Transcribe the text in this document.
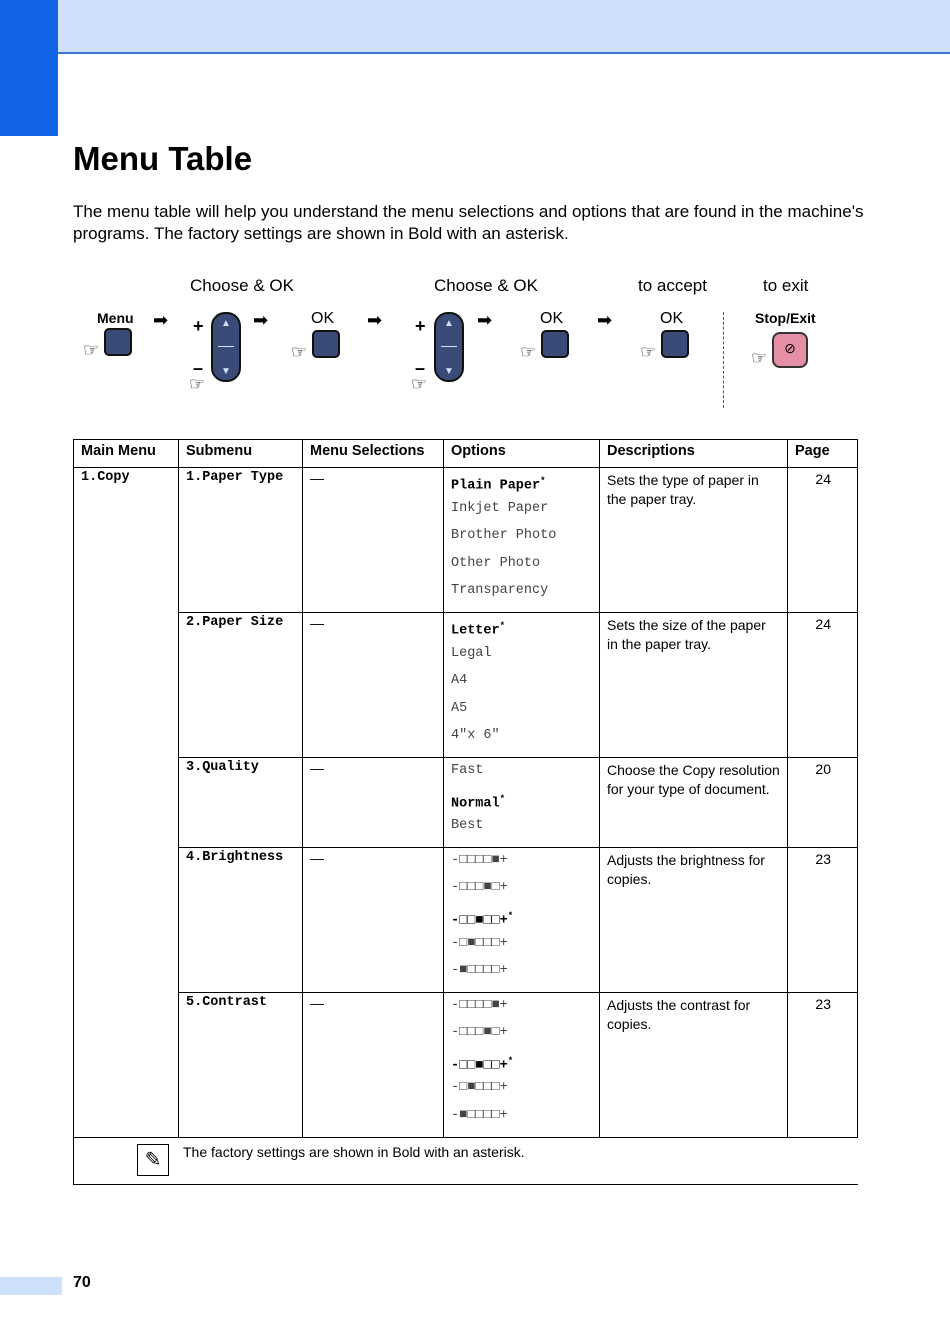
Menu Table

The menu table will help you understand the menu selections and options that are found in the machine's programs. The factory settings are shown in Bold with an asterisk.

Choose & OK	Choose & OK	to accept	to exit
Menu
☞
➡ +
–
▲
▼
☞
➡	OK
☞
➡ +
–
▲
▼
☞
➡	OK
☞
➡	OK
☞
Stop/Exit
⊘
☞
Main Menu	Submenu	Menu Selections	Options	Descriptions	Page
1.Copy	1.Paper Type	—	Plain Paper*
Inkjet Paper
Brother Photo
Other Photo
Transparency	Sets the type of paper in the paper tray.	24

	2.Paper Size	—	Letter*
Legal
A4
A5
4″x 6″	Sets the size of the paper in the paper tray.	24

	3.Quality	—	Fast
Normal*
Best	Choose the Copy resolution for your type of document.	20

	4.Brightness	—	-□□□□■+
-□□□■□+
-□□■□□+*
-□■□□□+
-■□□□□+	Adjusts the brightness for copies.	23

	5.Contrast	—	-□□□□■+
-□□□■□+
-□□■□□+*
-□■□□□+
-■□□□□+	Adjusts the contrast for copies.	23

✎ The factory settings are shown in Bold with an asterisk.					
70
